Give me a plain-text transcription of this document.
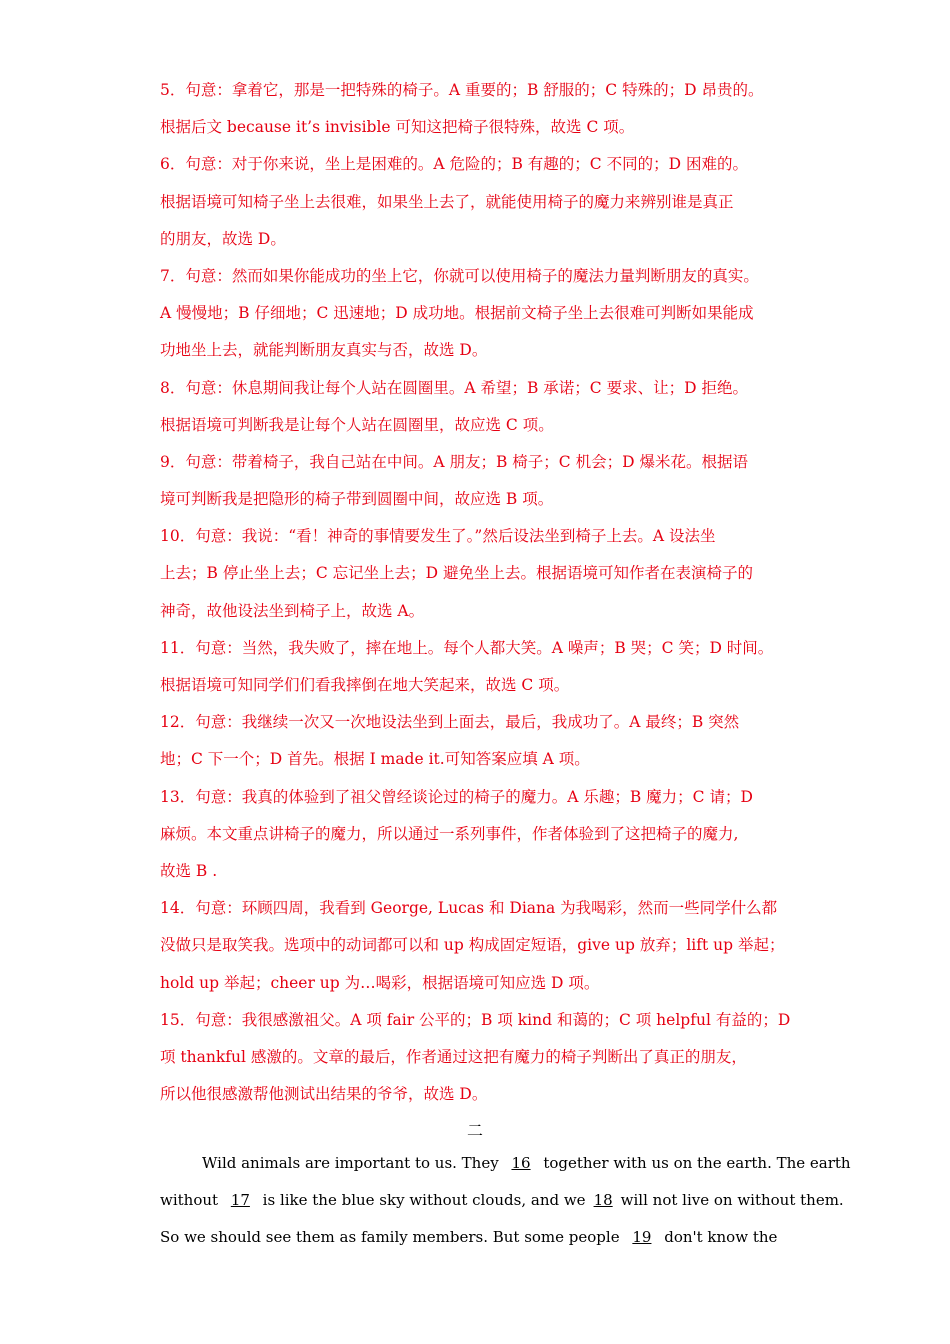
5．句意：拿着它，那是一把特殊的椅子。A 重要的；B 舒服的；C 特殊的；D 昂贵的。
根据后文 because it’s invisible 可知这把椅子很特殊，故选 C 项。
6．句意：对于你来说，坐上是困难的。A 危险的；B 有趣的；C 不同的；D 困难的。
根据语境可知椅子坐上去很难，如果坐上去了，就能使用椅子的魔力来辨别谁是真正
的朋友，故选 D。
7．句意：然而如果你能成功的坐上它，你就可以使用椅子的魔法力量判断朋友的真实。
A 慢慢地；B 仔细地；C 迅速地；D 成功地。根据前文椅子坐上去很难可判断如果能成
功地坐上去，就能判断朋友真实与否，故选 D。
8．句意：休息期间我让每个人站在圆圈里。A 希望；B 承诺；C 要求、让；D 拒绝。
根据语境可判断我是让每个人站在圆圈里，故应选 C 项。
9．句意：带着椅子，我自己站在中间。A 朋友；B 椅子；C 机会；D 爆米花。根据语
境可判断我是把隐形的椅子带到圆圈中间，故应选 B 项。
10．句意：我说：“看！神奇的事情要发生了。”然后设法坐到椅子上去。A 设法坐
上去；B 停止坐上去；C 忘记坐上去；D 避免坐上去。根据语境可知作者在表演椅子的
神奇，故他设法坐到椅子上，故选 A。
11．句意：当然，我失败了，摔在地上。每个人都大笑。A 噪声；B 哭；C 笑；D 时间。
根据语境可知同学们们看我摔倒在地大笑起来，故选 C 项。
12．句意：我继续一次又一次地设法坐到上面去，最后，我成功了。A 最终；B 突然
地；C 下一个；D 首先。根据 I made it.可知答案应填 A 项。
13．句意：我真的体验到了祖父曾经谈论过的椅子的魔力。A 乐趣；B 魔力；C 请；D
麻烦。本文重点讲椅子的魔力，所以通过一系列事件，作者体验到了这把椅子的魔力,
故选 B .
14．句意：环顾四周，我看到 George, Lucas 和 Diana 为我喝彩，然而一些同学什么都
没做只是取笑我。选项中的动词都可以和 up 构成固定短语，give up 放弃；lift up 举起；
hold up 举起；cheer up 为…喝彩，根据语境可知应选 D 项。
15．句意：我很感激祖父。A 项 fair 公平的；B 项 kind 和蔼的；C 项 helpful 有益的；D
项 thankful 感激的。文章的最后，作者通过这把有魔力的椅子判断出了真正的朋友，
所以他很感激帮他测试出结果的爷爷，故选 D。
二
Wild animals are important to us. They 16 together with us on the earth. The earth
without 17 is like the blue sky without clouds, and we 18 will not live on without them.
So we should see them as family members. But some people 19 don't know the
